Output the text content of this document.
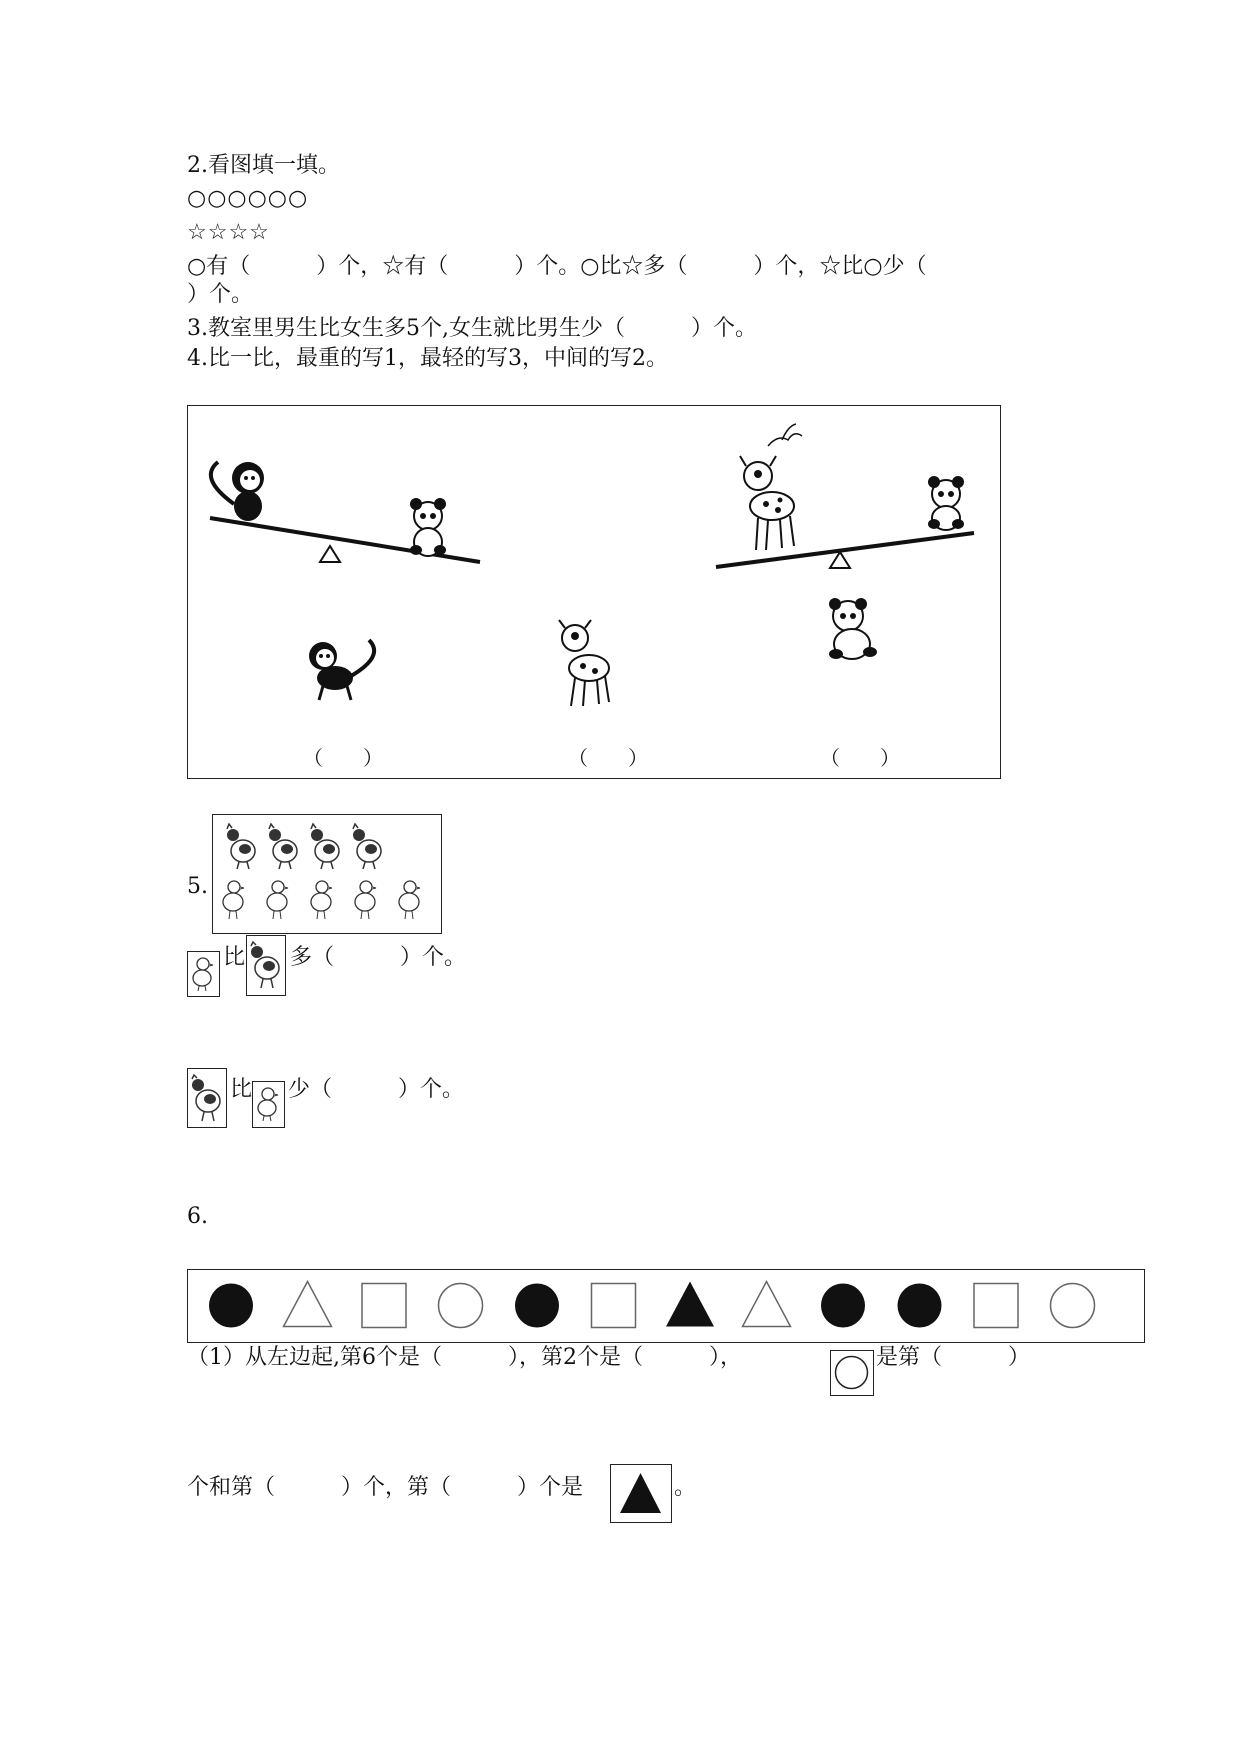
2.看图填一填。
○○○○○○
☆☆☆☆
○有（　　　）个，☆有（　　　）个。○比☆多（　　　）个，☆比○少（
）个。
3.教室里男生比女生多5个,女生就比男生少（　　　）个。
4.比一比，最重的写1，最轻的写3，中间的写2。
（　　）	（　　）	（　　）
5.
比 多（　　　）个。
比 少（　　　）个。
6.
（1）从左边起,第6个是（　　　），第2个是（　　　），	是第（　　　）
个和第（　　　）个，第（　　　）个是	。
